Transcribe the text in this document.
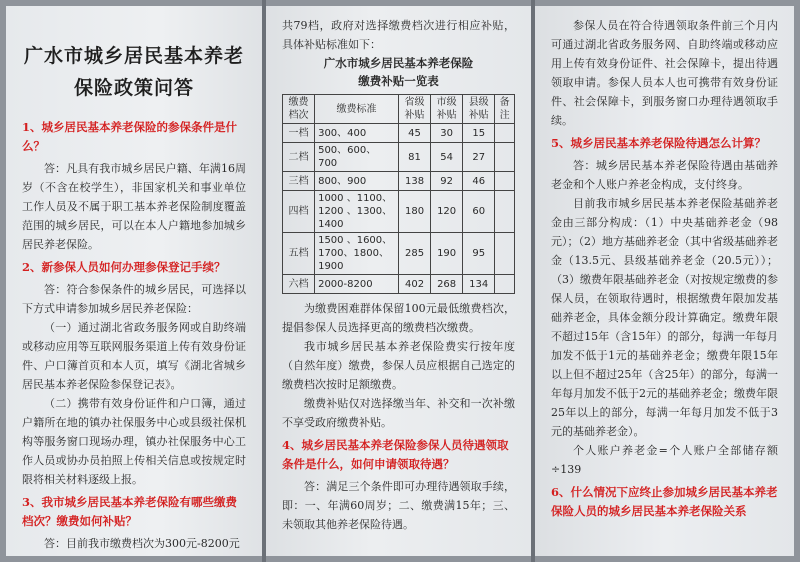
广水市城乡居民基本养老
保险政策问答
1、城乡居民基本养老保险的参保条件是什么？

答：凡具有我市城乡居民户籍、年满16周岁（不含在校学生），非国家机关和事业单位工作人员及不属于职工基本养老保险制度覆盖范围的城乡居民，可以在本人户籍地参加城乡居民养老保险。

2、新参保人员如何办理参保登记手续？

答：符合参保条件的城乡居民，可选择以下方式申请参加城乡居民养老保险：

（一）通过湖北省政务服务网或自助终端或移动应用等互联网服务渠道上传有效身份证件、户口簿首页和本人页，填写《湖北省城乡居民基本养老保险参保登记表》。

（二）携带有效身份证件和户口簿，通过户籍所在地的镇办社保服务中心或县级社保机构等服务窗口现场办理，镇办社保服务中心工作人员或协办员拍照上传相关信息或按规定时限将相关材料逐级上报。

3、我市城乡居民基本养老保险有哪些缴费档次？缴费如何补贴？

答：目前我市缴费档次为300元-8200元

共79档，政府对选择缴费档次进行相应补贴，具体补贴标准如下：

广水市城乡居民基本养老保险
缴费补贴一览表
缴费档次	缴费标准	省级补贴	市级补贴	县级补贴	备注
一档	300、400	45	30	15	
二档	500、600、700	81	54	27	
三档	800、900	138	92	46	
四档	1000 、1100、1200 、1300、1400	180	120	60	
五档	1500 、1600、1700、1800、1900	285	190	95	
六档	2000-8200	402	268	134	

为缴费困难群体保留100元最低缴费档次，提倡参保人员选择更高的缴费档次缴费。

我市城乡居民基本养老保险费实行按年度（自然年度）缴费，参保人员应根据自己选定的缴费档次按时足额缴费。

缴费补贴仅对选择缴当年、补交和一次补缴不享受政府缴费补贴。

4、城乡居民基本养老保险参保人员待遇领取条件是什么，如何申请领取待遇？

答：满足三个条件即可办理待遇领取手续，即：一、年满60周岁；二、缴费满15年；三、未领取其他养老保险待遇。

参保人员在符合待遇领取条件前三个月内可通过湖北省政务服务网、自助终端或移动应用上传有效身份证件、社会保障卡，提出待遇领取申请。参保人员本人也可携带有效身份证件、社会保障卡，到服务窗口办理待遇领取手续。

5、城乡居民基本养老保险待遇怎么计算？

答：城乡居民基本养老保险待遇由基础养老金和个人账户养老金构成，支付终身。

目前我市城乡居民基本养老保险基础养老金由三部分构成：（1）中央基础养老金（98元）；（2）地方基础养老金（其中省级基础养老金（13.5元、县级基础养老金（20.5元））；（3）缴费年限基础养老金（对按规定缴费的参保人员，在领取待遇时，根据缴费年限加发基础养老金，具体金额分段计算确定。缴费年限不超过15年（含15年）的部分，每满一年每月加发不低于1元的基础养老金；缴费年限15年以上但不超过25年（含25年）的部分，每满一年每月加发不低于2元的基础养老金；缴费年限25年以上的部分，每满一年每月加发不低于3元的基础养老金）。

个人账户养老金=个人账户全部储存额÷139

6、什么情况下应终止参加城乡居民基本养老保险人员的城乡居民基本养老保险关系
